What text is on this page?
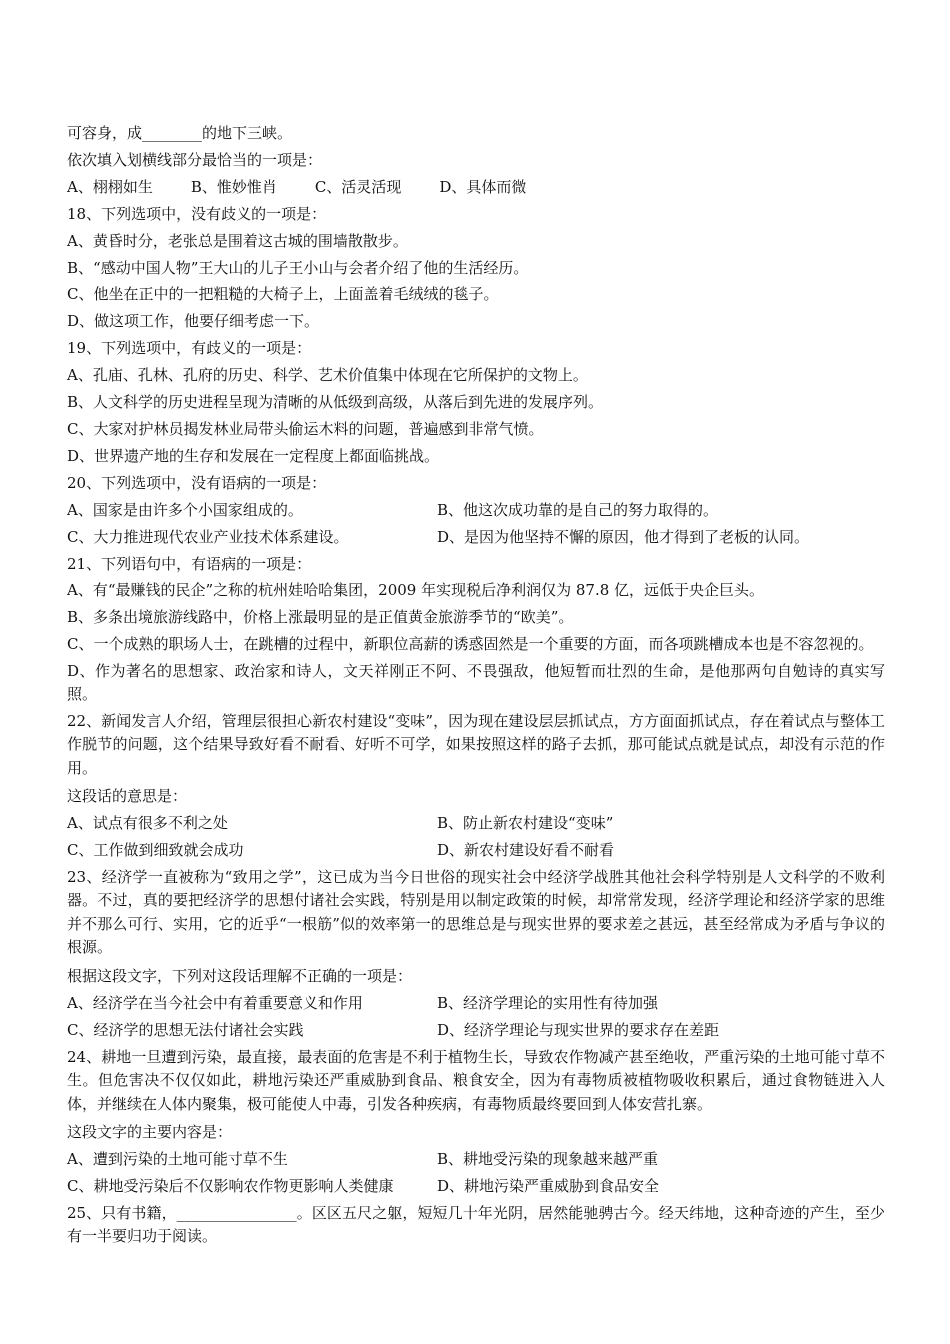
可容身，成________的地下三峡。

依次填入划横线部分最恰当的一项是：

A、栩栩如生	B、惟妙惟肖	C、活灵活现	D、具体而微

18、下列选项中，没有歧义的一项是：

A、黄昏时分，老张总是围着这古城的围墙散散步。

B、“感动中国人物”王大山的儿子王小山与会者介绍了他的生活经历。

C、他坐在正中的一把粗糙的大椅子上，上面盖着毛绒绒的毯子。

D、做这项工作，他要仔细考虑一下。

19、下列选项中，有歧义的一项是：

A、孔庙、孔林、孔府的历史、科学、艺术价值集中体现在它所保护的文物上。

B、人文科学的历史进程呈现为清晰的从低级到高级，从落后到先进的发展序列。

C、大家对护林员揭发林业局带头偷运木料的问题，普遍感到非常气愤。

D、世界遗产地的生存和发展在一定程度上都面临挑战。

20、下列选项中，没有语病的一项是：

A、国家是由许多个小国家组成的。	B、他这次成功靠的是自己的努力取得的。
C、大力推进现代农业产业技术体系建设。	D、是因为他坚持不懈的原因，他才得到了老板的认同。

21、下列语句中，有语病的一项是：

A、有“最赚钱的民企”之称的杭州娃哈哈集团，2009 年实现税后净利润仅为 87.8 亿，远低于央企巨头。

B、多条出境旅游线路中，价格上涨最明显的是正值黄金旅游季节的“欧美”。

C、一个成熟的职场人士，在跳槽的过程中，新职位高薪的诱惑固然是一个重要的方面，而各项跳槽成本也是不容忽视的。

D、作为著名的思想家、政治家和诗人，文天祥刚正不阿、不畏强敌，他短暂而壮烈的生命，是他那两句自勉诗的真实写照。

22、新闻发言人介绍，管理层很担心新农村建设“变味”，因为现在建设层层抓试点，方方面面抓试点，存在着试点与整体工作脱节的问题，这个结果导致好看不耐看、好听不可学，如果按照这样的路子去抓，那可能试点就是试点，却没有示范的作用。

这段话的意思是：

A、试点有很多不利之处	B、防止新农村建设“变味”
C、工作做到细致就会成功	D、新农村建设好看不耐看

23、经济学一直被称为“致用之学”，这已成为当今日世俗的现实社会中经济学战胜其他社会科学特别是人文科学的不败利器。不过，真的要把经济学的思想付诸社会实践，特别是用以制定政策的时候，却常常发现，经济学理论和经济学家的思维并不那么可行、实用，它的近乎“一根筋”似的效率第一的思维总是与现实世界的要求差之甚远，甚至经常成为矛盾与争议的根源。

根据这段文字，下列对这段话理解不正确的一项是：

A、经济学在当今社会中有着重要意义和作用	B、经济学理论的实用性有待加强
C、经济学的思想无法付诸社会实践	D、经济学理论与现实世界的要求存在差距

24、耕地一旦遭到污染，最直接，最表面的危害是不利于植物生长，导致农作物减产甚至绝收，严重污染的土地可能寸草不生。但危害决不仅仅如此，耕地污染还严重威胁到食品、粮食安全，因为有毒物质被植物吸收积累后，通过食物链进入人体，并继续在人体内聚集，极可能使人中毒，引发各种疾病，有毒物质最终要回到人体安营扎寨。

这段文字的主要内容是：

A、遭到污染的土地可能寸草不生	B、耕地受污染的现象越来越严重
C、耕地受污染后不仅影响农作物更影响人类健康	D、耕地污染严重威胁到食品安全

25、只有书籍，________________。区区五尺之躯，短短几十年光阴，居然能驰骋古今。经天纬地，这种奇迹的产生，至少有一半要归功于阅读。
